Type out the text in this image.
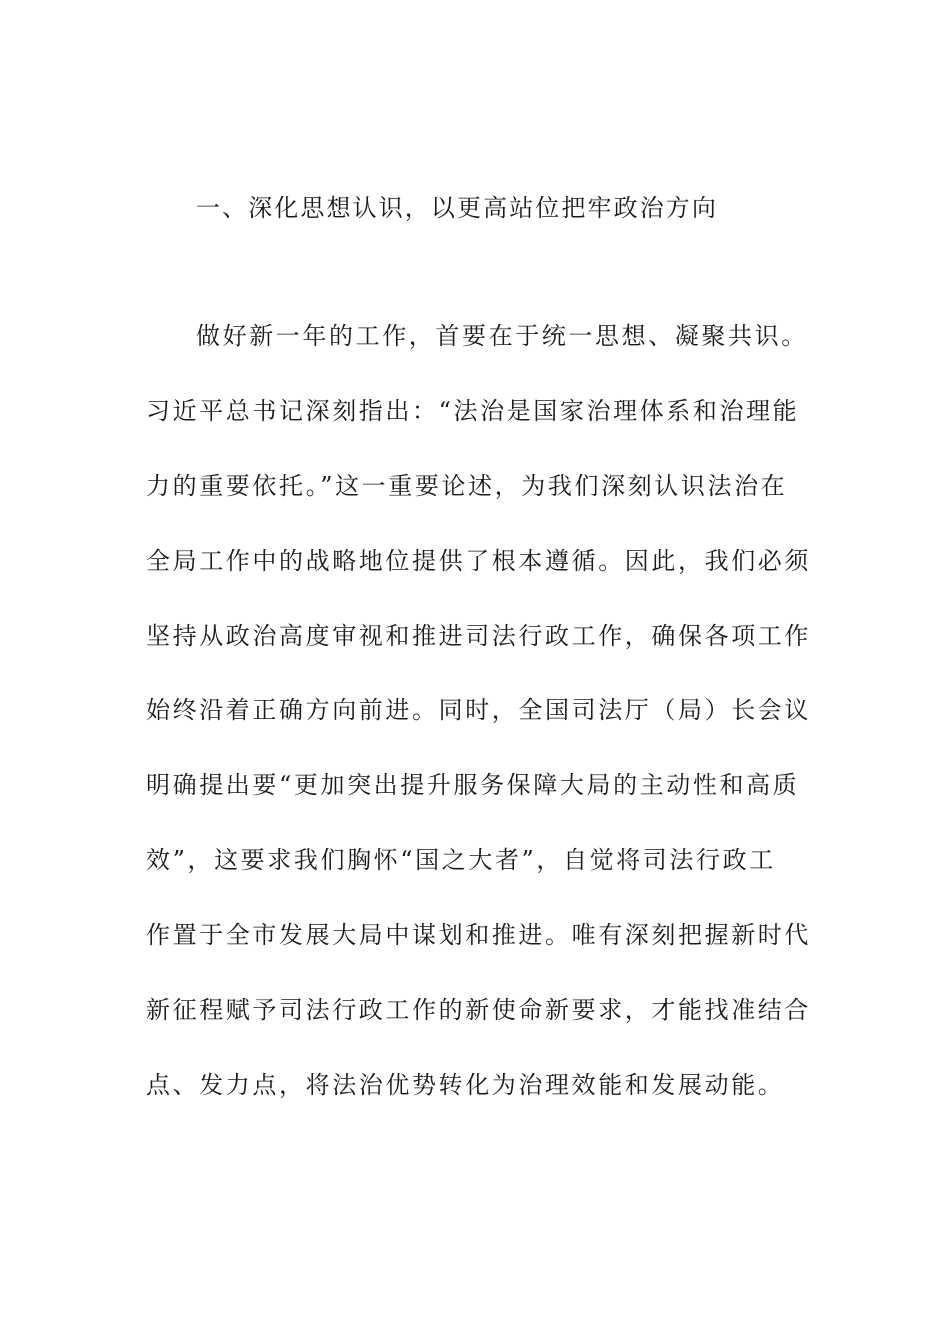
一、深化思想认识，以更高站位把牢政治方向
做好新一年的工作，首要在于统一思想、凝聚共识。
习近平总书记深刻指出：“法治是国家治理体系和治理能
力的重要依托。”这一重要论述，为我们深刻认识法治在
全局工作中的战略地位提供了根本遵循。因此，我们必须
坚持从政治高度审视和推进司法行政工作，确保各项工作
始终沿着正确方向前进。同时，全国司法厅（局）长会议
明确提出要“更加突出提升服务保障大局的主动性和高质
效”，这要求我们胸怀“国之大者”，自觉将司法行政工
作置于全市发展大局中谋划和推进。唯有深刻把握新时代
新征程赋予司法行政工作的新使命新要求，才能找准结合
点、发力点，将法治优势转化为治理效能和发展动能。
